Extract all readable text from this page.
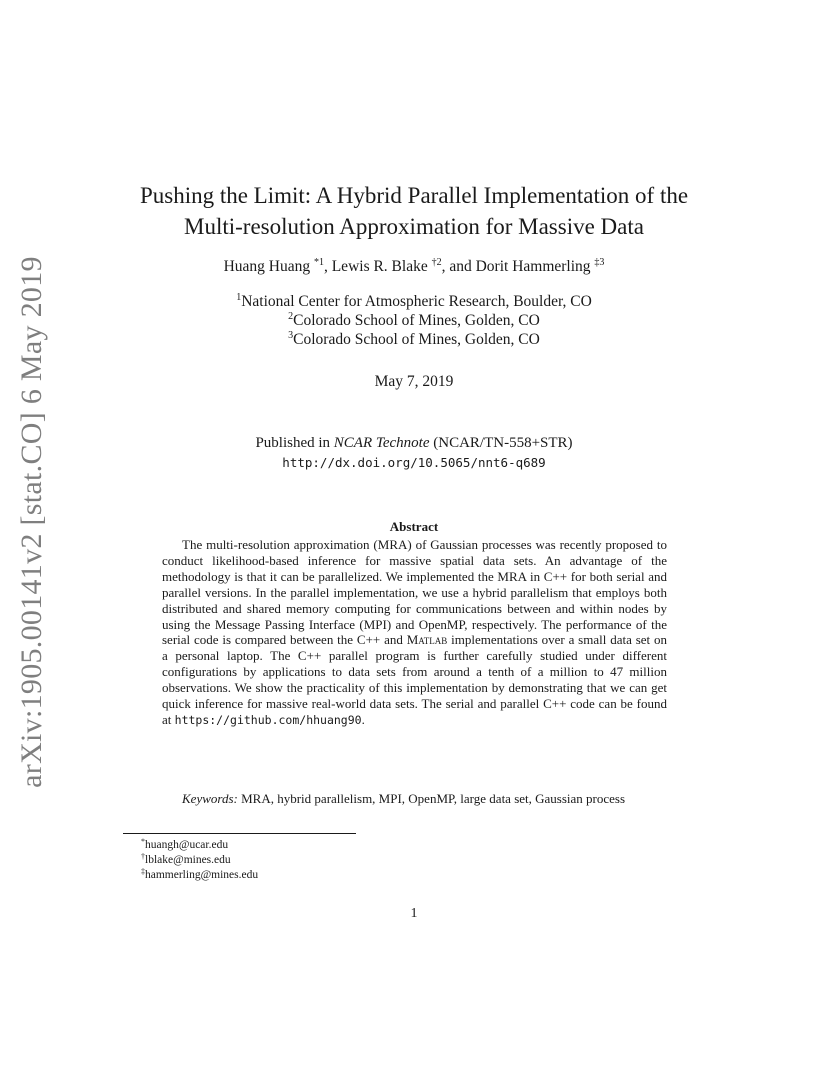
arXiv:1905.00141v2 [stat.CO] 6 May 2019
Pushing the Limit: A Hybrid Parallel Implementation of the
Multi-resolution Approximation for Massive Data
Huang Huang $^{*1}$, Lewis R. Blake $^{\dagger 2}$, and Dorit Hammerling $^{\ddagger 3}$
$^1$National Center for Atmospheric Research, Boulder, CO
$^2$Colorado School of Mines, Golden, CO
$^3$Colorado School of Mines, Golden, CO
May 7, 2019
Published in NCAR Technote (NCAR/TN-558+STR)
http://dx.doi.org/10.5065/nnt6-q689
Abstract

The multi-resolution approximation (MRA) of Gaussian processes was recently proposed to conduct likelihood-based inference for massive spatial data sets. An advantage of the methodology is that it can be parallelized. We implemented the MRA in C++ for both serial and parallel versions. In the parallel implementation, we use a hybrid parallelism that employs both distributed and shared memory computing for communications between and within nodes by using the Message Passing Interface (MPI) and OpenMP, respectively. The performance of the serial code is compared between the C++ and Matlab implementations over a small data set on a personal laptop. The C++ parallel program is further carefully studied under different configurations by applications to data sets from around a tenth of a million to 47 million observations. We show the practicality of this implementation by demonstrating that we can get quick inference for massive real-world data sets. The serial and parallel C++ code can be found at https://github.com/hhuang90.

Keywords: MRA, hybrid parallelism, MPI, OpenMP, large data set, Gaussian process

*huangh@ucar.edu
†lblake@mines.edu
‡hammerling@mines.edu
1
